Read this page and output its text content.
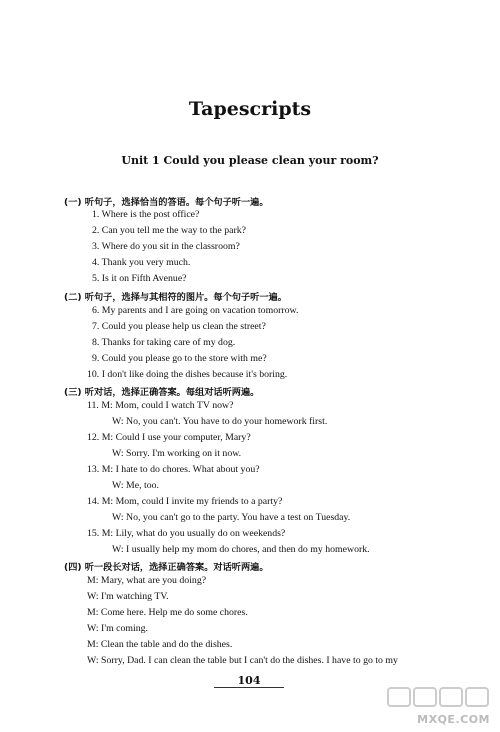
Tapescripts
Unit 1 Could you please clean your room?
(一) 听句子，选择恰当的答语。每个句子听一遍。
1. Where is the post office?
2. Can you tell me the way to the park?
3. Where do you sit in the classroom?
4. Thank you very much.
5. Is it on Fifth Avenue?
(二) 听句子，选择与其相符的图片。每个句子听一遍。
6. My parents and I are going on vacation tomorrow.
7. Could you please help us clean the street?
8. Thanks for taking care of my dog.
9. Could you please go to the store with me?
10. I don't like doing the dishes because it's boring.
(三) 听对话，选择正确答案。每组对话听两遍。
11. M: Mom, could I watch TV now?
W: No, you can't. You have to do your homework first.
12. M: Could I use your computer, Mary?
W: Sorry. I'm working on it now.
13. M: I hate to do chores. What about you?
W: Me, too.
14. M: Mom, could I invite my friends to a party?
W: No, you can't go to the party. You have a test on Tuesday.
15. M: Lily, what do you usually do on weekends?
W: I usually help my mom do chores, and then do my homework.
(四) 听一段长对话，选择正确答案。对话听两遍。
M: Mary, what are you doing?
W: I'm watching TV.
M: Come here. Help me do some chores.
W: I'm coming.
M: Clean the table and do the dishes.
W: Sorry, Dad. I can clean the table but I can't do the dishes. I have to go to my
104
MXQE.COM
